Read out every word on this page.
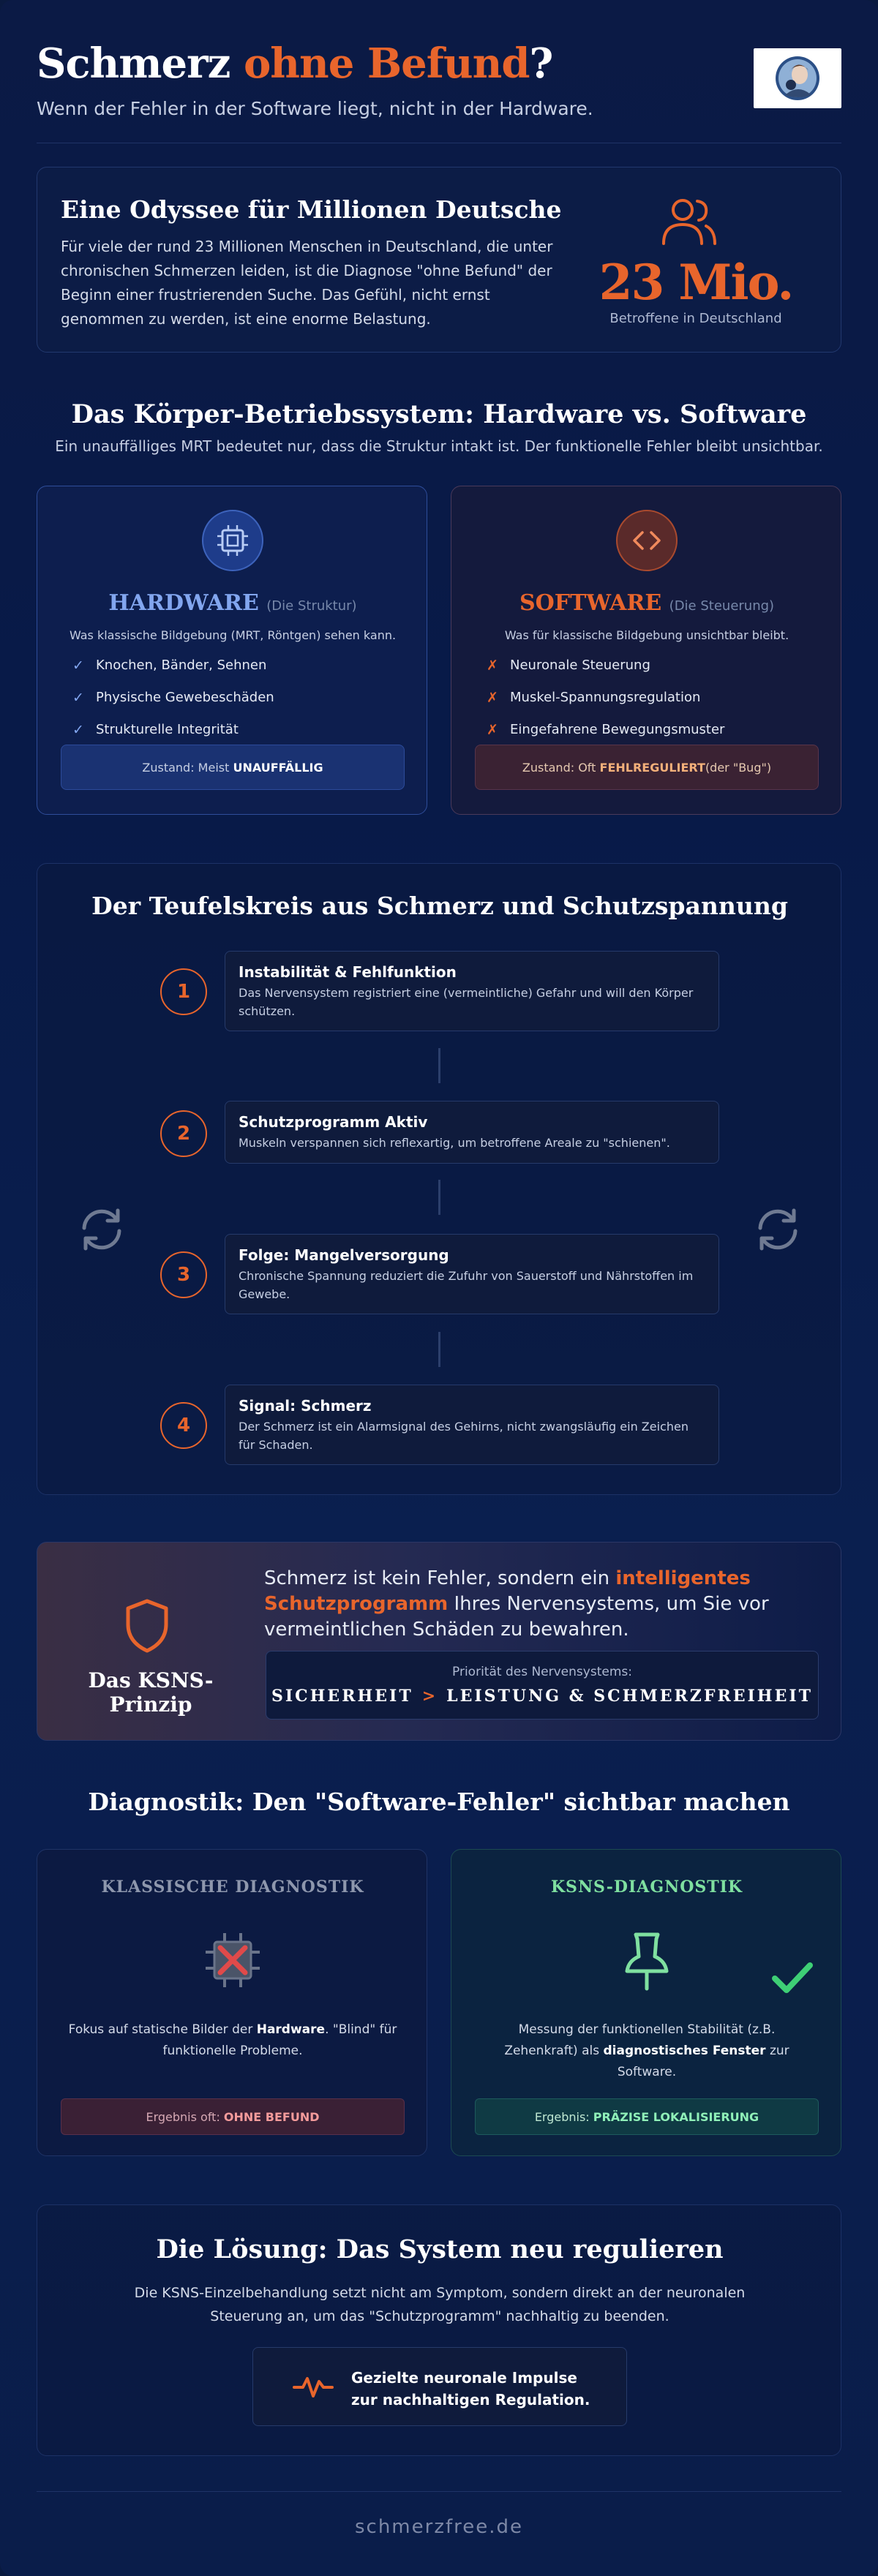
Schmerz ohne Befund?
Wenn der Fehler in der Software liegt, nicht in der Hardware.
Eine Odyssee für Millionen Deutsche

Für viele der rund 23 Millionen Menschen in Deutschland, die unter chronischen Schmerzen leiden, ist die Diagnose "ohne Befund" der Beginn einer frustrierenden Suche. Das Gefühl, nicht ernst genommen zu werden, ist eine enorme Belastung.

23 Mio.
Betroffene in Deutschland
Das Körper-Betriebssystem: Hardware vs. Software
Ein unauffälliges MRT bedeutet nur, dass die Struktur intakt ist. Der funktionelle Fehler bleibt unsichtbar.
HARDWARE (Die Struktur)
Was klassische Bildgebung (MRT, Röntgen) sehen kann.
✓ Knochen, Bänder, Sehnen
✓ Physische Gewebeschäden
✓ Strukturelle Integrität
Zustand: Meist
UNAUFFÄLLIG
SOFTWARE (Die Steuerung)
Was für klassische Bildgebung unsichtbar bleibt.
✗ Neuronale Steuerung
✗ Muskel-Spannungsregulation
✗ Eingefahrene Bewegungsmuster
Zustand: Oft
FEHLREGULIERT (der "Bug")
Der Teufelskreis aus Schmerz und Schutzspannung
1
Instabilität & Fehlfunktion
Das Nervensystem registriert eine (vermeintliche) Gefahr und will den Körper schützen.
2
Schutzprogramm Aktiv
Muskeln verspannen sich reflexartig, um betroffene Areale zu "schienen".
3
Folge: Mangelversorgung
Chronische Spannung reduziert die Zufuhr von Sauerstoff und Nährstoffen im Gewebe.
4
Signal: Schmerz
Der Schmerz ist ein Alarmsignal des Gehirns, nicht zwangsläufig ein Zeichen für Schaden.
Das KSNS-Prinzip
Schmerz ist kein Fehler, sondern ein intelligentes Schutzprogramm Ihres Nervensystems, um Sie vor vermeintlichen Schäden zu bewahren.
Priorität des Nervensystems:
SICHERHEIT > LEISTUNG & SCHMERZFREIHEIT
Diagnostik: Den "Software-Fehler" sichtbar machen
KLASSISCHE DIAGNOSTIK
Fokus auf statische Bilder der Hardware. "Blind" für funktionelle Probleme.
Ergebnis oft:
OHNE BEFUND
KSNS-DIAGNOSTIK
Messung der funktionellen Stabilität (z.B. Zehenkraft) als diagnostisches Fenster zur Software.
Ergebnis:
PRÄZISE LOKALISIERUNG
Die Lösung: Das System neu regulieren

Die KSNS-Einzelbehandlung setzt nicht am Symptom, sondern direkt an der neuronalen Steuerung an, um das "Schutzprogramm" nachhaltig zu beenden.

Gezielte neuronale Impulse
zur nachhaltigen Regulation.
schmerzfree.de
